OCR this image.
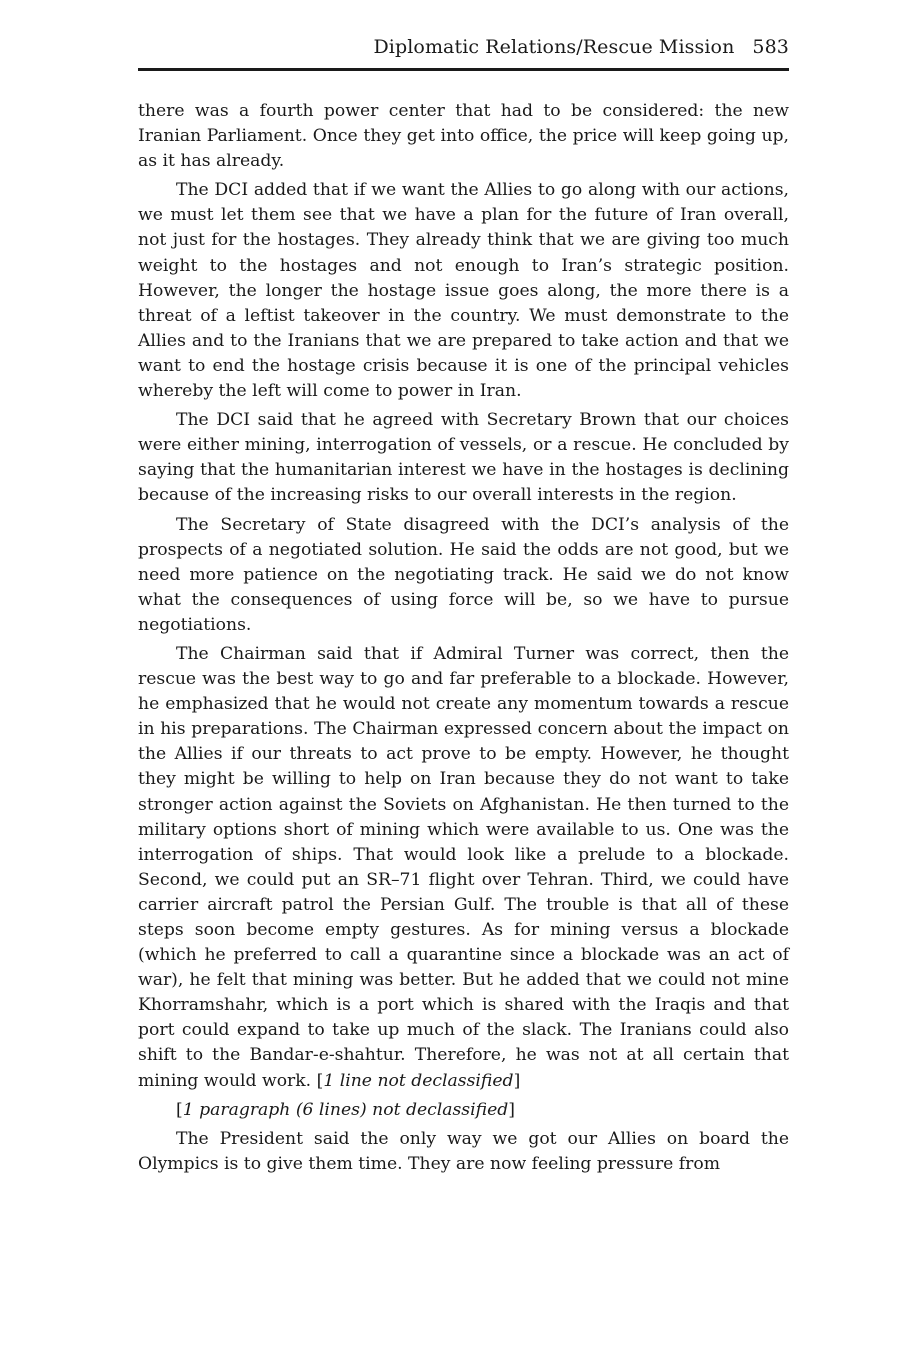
Diplomatic Relations/Rescue Mission 583

there was a fourth power center that had to be considered: the new Iranian Parliament. Once they get into office, the price will keep going up, as it has already.

The DCI added that if we want the Allies to go along with our actions, we must let them see that we have a plan for the future of Iran overall, not just for the hostages. They already think that we are giving too much weight to the hostages and not enough to Iran’s strategic position. However, the longer the hostage issue goes along, the more there is a threat of a leftist takeover in the country. We must demonstrate to the Allies and to the Iranians that we are prepared to take action and that we want to end the hostage crisis because it is one of the principal vehicles whereby the left will come to power in Iran.

The DCI said that he agreed with Secretary Brown that our choices were either mining, interrogation of vessels, or a rescue. He concluded by saying that the humanitarian interest we have in the hostages is declining because of the increasing risks to our overall interests in the region.

The Secretary of State disagreed with the DCI’s analysis of the prospects of a negotiated solution. He said the odds are not good, but we need more patience on the negotiating track. He said we do not know what the consequences of using force will be, so we have to pursue negotiations.

The Chairman said that if Admiral Turner was correct, then the rescue was the best way to go and far preferable to a blockade. However, he emphasized that he would not create any momentum towards a rescue in his preparations. The Chairman expressed concern about the impact on the Allies if our threats to act prove to be empty. However, he thought they might be willing to help on Iran because they do not want to take stronger action against the Soviets on Afghanistan. He then turned to the military options short of mining which were available to us. One was the interrogation of ships. That would look like a prelude to a blockade. Second, we could put an SR–71 flight over Tehran. Third, we could have carrier aircraft patrol the Persian Gulf. The trouble is that all of these steps soon become empty gestures. As for mining versus a blockade (which he preferred to call a quarantine since a blockade was an act of war), he felt that mining was better. But he added that we could not mine Khorramshahr, which is a port which is shared with the Iraqis and that port could expand to take up much of the slack. The Iranians could also shift to the Bandar-e-shahtur. Therefore, he was not at all certain that mining would work. [1 line not declassified]

[1 paragraph (6 lines) not declassified]

The President said the only way we got our Allies on board the Olympics is to give them time. They are now feeling pressure from
